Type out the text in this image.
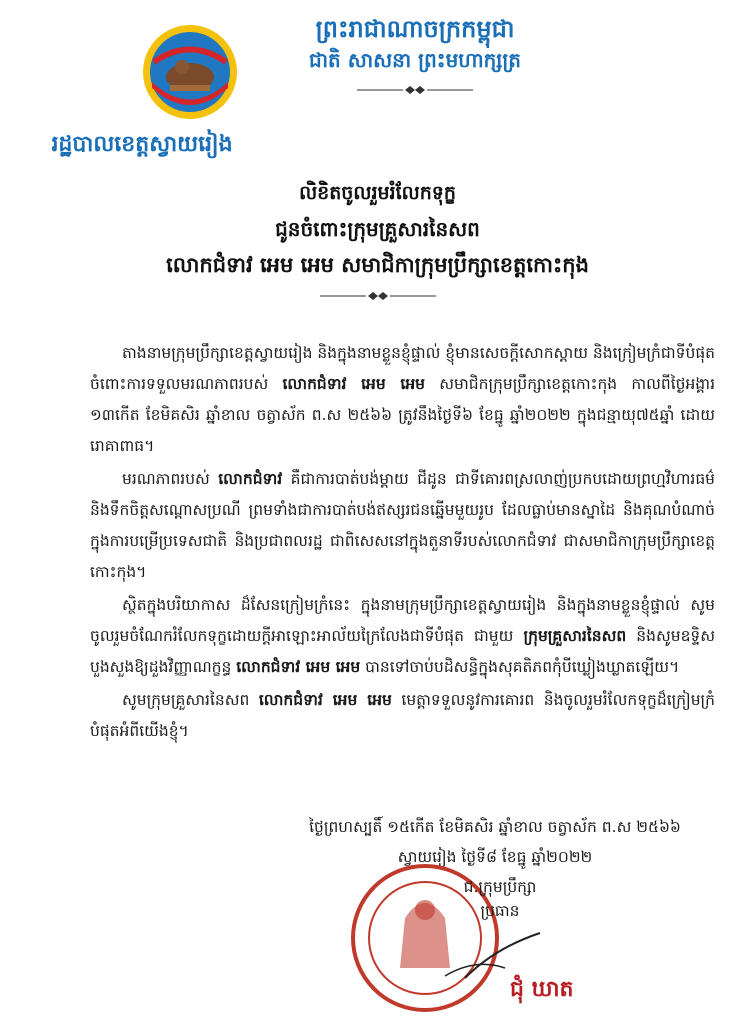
រដ្ឋបាលខេត្តស្វាយរៀង
ព្រះរាជាណាចក្រកម្ពុជា
ជាតិ សាសនា ព្រះមហាក្សត្រ
លិខិតចូលរួមរំលែកទុក្ខ
ជូនចំពោះក្រុមគ្រួសារនៃសព
លោកជំទាវ អេម អេម សមាជិកាក្រុមប្រឹក្សាខេត្តកោះកុង

តាងនាមក្រុមប្រឹក្សាខេត្តស្វាយរៀង និងក្នុងនាមខ្លួនខ្ញុំផ្ទាល់ ខ្ញុំមានសេចក្តីសោកស្តាយ និងក្រៀមក្រំជាទីបំផុត ចំពោះការទទួលមរណភាពរបស់ លោកជំទាវ អេម អេម សមាជិកក្រុមប្រឹក្សាខេត្តកោះកុង កាលពីថ្ងៃអង្គារ ១៣កើត ខែមិគសិរ ឆ្នាំខាល ចត្វាស័ក ព.ស ២៥៦៦ ត្រូវនឹងថ្ងៃទី៦ ខែធ្នូ ឆ្នាំ២០២២ ក្នុងជន្មាយុ៧៥ឆ្នាំ ដោយរោគាពាធ។

មរណភាពរបស់ លោកជំទាវ គឺជាការបាត់បង់ម្តាយ ជីដូន ជាទីគោរពស្រលាញ់ប្រកបដោយព្រហ្មវិហារធម៌ និងទឹកចិត្តសណ្តោសប្រណី ព្រមទាំងជាការបាត់បង់ឥស្សរជនឆ្នើមមួយរូប ដែលធ្លាប់មានស្នាដៃ និងគុណបំណាច់ក្នុងការបម្រើប្រទេសជាតិ និងប្រជាពលរដ្ឋ ជាពិសេសនៅក្នុងតួនាទីរបស់លោកជំទាវ ជាសមាជិកាក្រុមប្រឹក្សាខេត្តកោះកុង។

ស្ថិតក្នុងបរិយាកាស ដ៏សែនក្រៀមក្រំនេះ ក្នុងនាមក្រុមប្រឹក្សាខេត្តស្វាយរៀង និងក្នុងនាមខ្លួនខ្ញុំផ្ទាល់ សូមចូលរួមចំណែករំលែកទុក្ខដោយក្តីអាឡោះអាល័យក្រៃលែងជាទីបំផុត ជាមួយ ក្រុមគ្រួសារនៃសព និងសូមឧទ្ទិសបួងសួងឱ្យដួងវិញ្ញាណក្ខន្ធ លោកជំទាវ អេម អេម បានទៅចាប់បដិសន្ធិក្នុងសុគតិភពកុំបីឃ្លៀងឃ្លាតឡើយ។

សូមក្រុមគ្រួសារនៃសព លោកជំទាវ អេម អេម មេត្តាទទួលនូវការគោរព និងចូលរួមរំលែកទុក្ខដ៏ក្រៀមក្រំបំផុតអំពីយើងខ្ញុំ។

ថ្ងៃព្រហស្បតិ៍ ១៥កើត ខែមិគសិរ ឆ្នាំខាល ចត្វាស័ក ព.ស ២៥៦៦
ស្វាយរៀង ថ្ងៃទី៨ ខែធ្នូ ឆ្នាំ២០២២
ជ.ក្រុមប្រឹក្សា
ប្រធាន
ជុំ ឃាត
